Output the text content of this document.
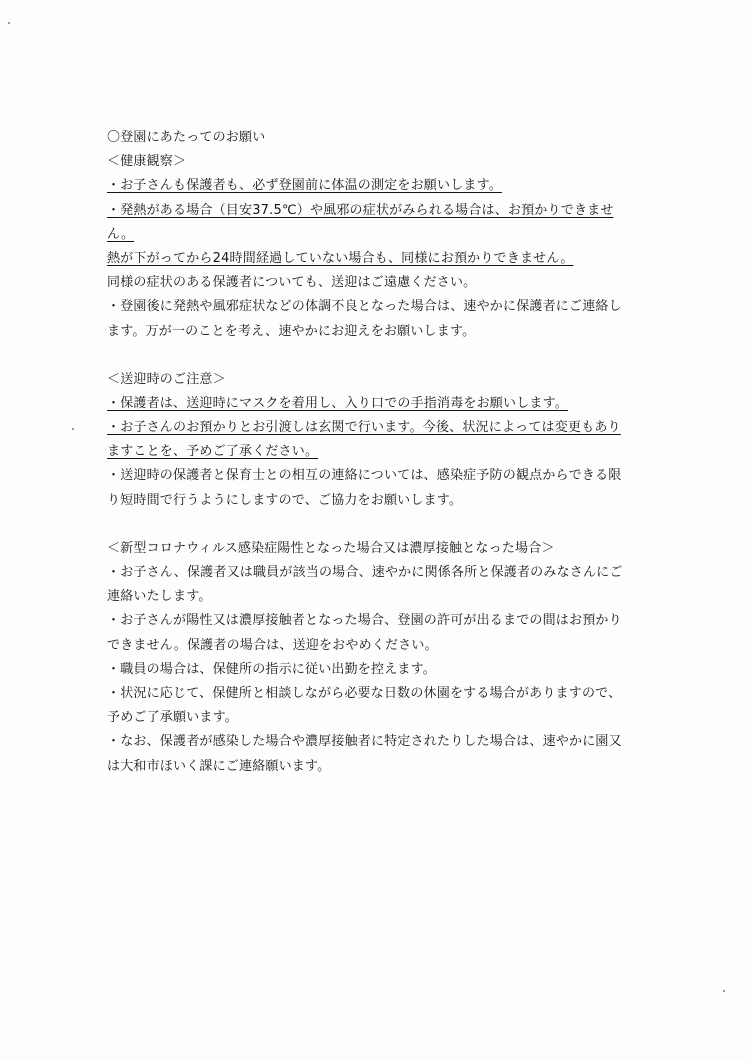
〇登園にあたってのお願い
＜健康観察＞
・お子さんも保護者も、必ず登園前に体温の測定をお願いします。
・発熱がある場合（目安37.5℃）や風邪の症状がみられる場合は、お預かりできませ
ん。
熱が下がってから24時間経過していない場合も、同様にお預かりできません。
同様の症状のある保護者についても、送迎はご遠慮ください。
・登園後に発熱や風邪症状などの体調不良となった場合は、速やかに保護者にご連絡し
ます。万が一のことを考え、速やかにお迎えをお願いします。
＜送迎時のご注意＞
・保護者は、送迎時にマスクを着用し、入り口での手指消毒をお願いします。
・お子さんのお預かりとお引渡しは玄関で行います。今後、状況によっては変更もあり
ますことを、予めご了承ください。
・送迎時の保護者と保育士との相互の連絡については、感染症予防の観点からできる限
り短時間で行うようにしますので、ご協力をお願いします。
＜新型コロナウィルス感染症陽性となった場合又は濃厚接触となった場合＞
・お子さん、保護者又は職員が該当の場合、速やかに関係各所と保護者のみなさんにご
連絡いたします。
・お子さんが陽性又は濃厚接触者となった場合、登園の許可が出るまでの間はお預かり
できません。保護者の場合は、送迎をおやめください。
・職員の場合は、保健所の指示に従い出勤を控えます。
・状況に応じて、保健所と相談しながら必要な日数の休園をする場合がありますので、
予めご了承願います。
・なお、保護者が感染した場合や濃厚接触者に特定されたりした場合は、速やかに園又
は大和市ほいく課にご連絡願います。
